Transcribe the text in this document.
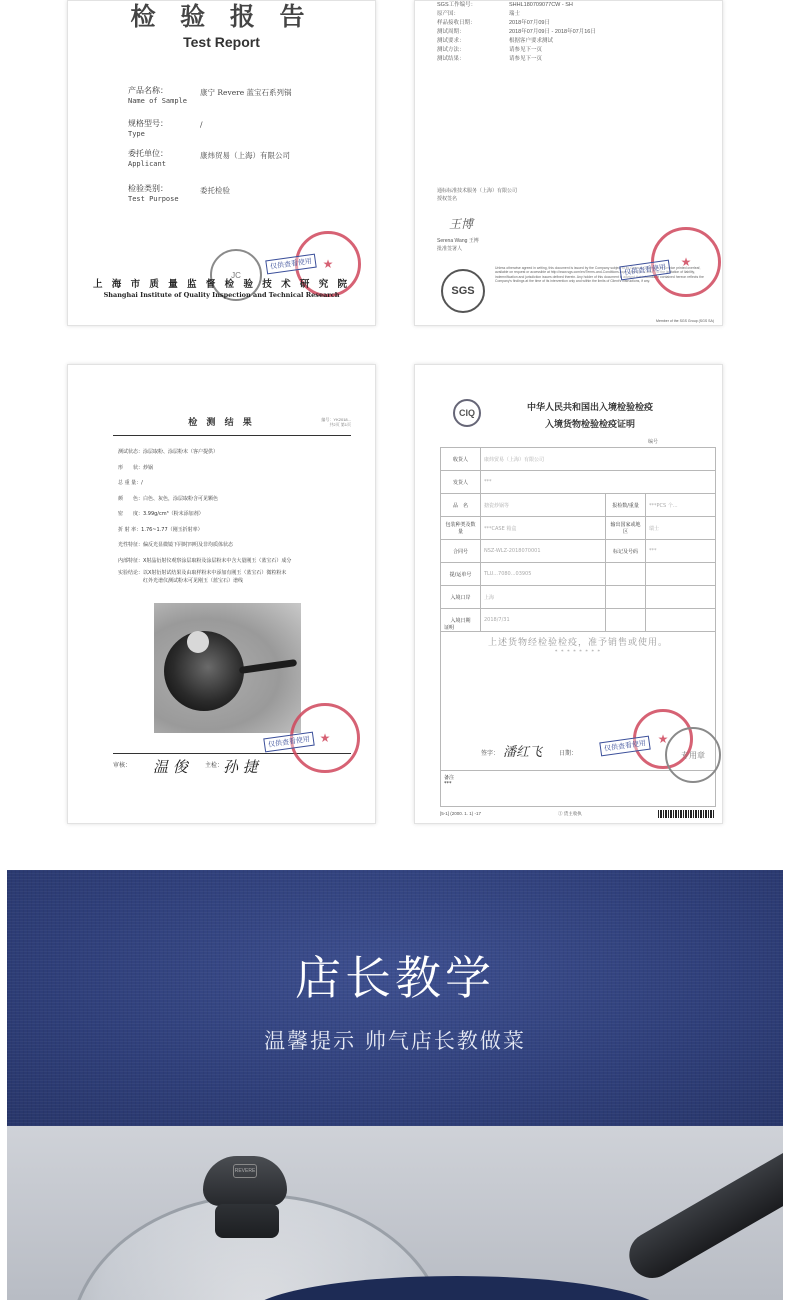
检 验 报 告
Test Report
产品名称：
Name of Sample
康宁 Revere 蓝宝石系列锅
规格型号：
Type
/
委托单位：
Applicant
康炜贸易（上海）有限公司
检验类别：
Test Purpose
委托检验
JC
★
仅供查看使用
上 海 市 质 量 监 督 检 验 技 术 研 究 院
Shanghai Institute of Quality Inspection and Technical Research
SGS工作编号：	SHHL180709077CW - SH
原产国：	瑞士
样品接收日期：	2018年07月09日
测试周期：	2018年07月09日 - 2018年07月16日
测试要求：	根据客户要求测试
测试方法：	请参见下一页
测试结果：	请参见下一页
通标标准技术服务（上海）有限公司
授权签名
王博
Serena Wang 王博
批准签署人
SGS
Unless otherwise agreed in writing, this document is issued by the Company subject to its General Conditions of Service printed overleaf, available on request or accessible at http://www.sgs.com/en/Terms-and-Conditions.aspx. Attention is drawn to the limitation of liability, indemnification and jurisdiction issues defined therein. Any holder of this document is advised that information contained hereon reflects the Company's findings at the time of its intervention only and within the limits of Client's instructions, if any.
Member of the SGS Group (SGS SA)
★
仅供查看使用
检 测 结 果	编号：YK2018...
共2页 第1页
测试状态：涂层取粉、涂层粉末（客户提供）
形　　状：炒锅
总 重 量：/
颜　　色：白色、灰色，涂层取粉含可见颗色
密　　度：3.99g/cm³（粉末添加剂）
折 射 率：1.76~1.77（刚玉折射率）
光性特征：偏反光显微镜下同时四明及非均质体状态
内部特征：X射晶衍射仪观察涂层取粉及涂层粉末中含大量刚玉（蓝宝石）成分
实验结论：以X射衍射试结果及由取样粉末中添加有刚玉（蓝宝石）微粒粉末
　　　　　红外光谱仪测试粉末可见刚玉（蓝宝石）谱线
审核： 温 俊	主检： 孙 捷
★
仅供查看使用
CIQ	中华人民共和国出入境检验检疫
入境货物检验检疫证明
编号
收货人	康炜贸易（上海）有限公司		
发货人	***		
品　名	搪瓷炒锅等	报检数/重量	***PCS 个...
包装种类及数量	***CASE 箱盒	输出国家或地区	瑞士
合同号	NSZ-WLZ-2018070001	标记及号码	***
提/运单号	TLU...7080...03905		
入境口岸	上海		
入境日期	2018/7/31		
证明
上述货物经检验检疫，准予销售或使用。
* * * * * * * *
签字： 潘红飞	日期：
备注
***
[5-1] (2000. 1. 1) -17	① 货主收执
★
专用章
仅供查看使用
店长教学
温馨提示 帅气店长教做菜
REVERE
